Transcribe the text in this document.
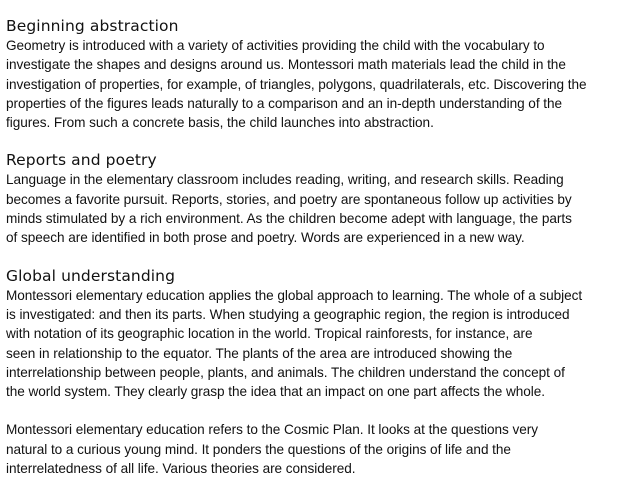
Beginning abstraction
Geometry is introduced with a variety of activities providing the child with the vocabulary to
investigate the shapes and designs around us. Montessori math materials lead the child in the
investigation of properties, for example, of triangles, polygons, quadrilaterals, etc. Discovering the
properties of the figures leads naturally to a comparison and an in-depth understanding of the
figures. From such a concrete basis, the child launches into abstraction.
Reports and poetry
Language in the elementary classroom includes reading, writing, and research skills. Reading
becomes a favorite pursuit. Reports, stories, and poetry are spontaneous follow up activities by
minds stimulated by a rich environment. As the children become adept with language, the parts
of speech are identified in both prose and poetry. Words are experienced in a new way.
Global understanding
Montessori elementary education applies the global approach to learning. The whole of a subject
is investigated: and then its parts. When studying a geographic region, the region is introduced
with notation of its geographic location in the world. Tropical rainforests, for instance, are
seen in relationship to the equator. The plants of the area are introduced showing the
interrelationship between people, plants, and animals. The children understand the concept of
the world system. They clearly grasp the idea that an impact on one part affects the whole.
Montessori elementary education refers to the Cosmic Plan. It looks at the questions very
natural to a curious young mind. It ponders the questions of the origins of life and the
interrelatedness of all life. Various theories are considered.
